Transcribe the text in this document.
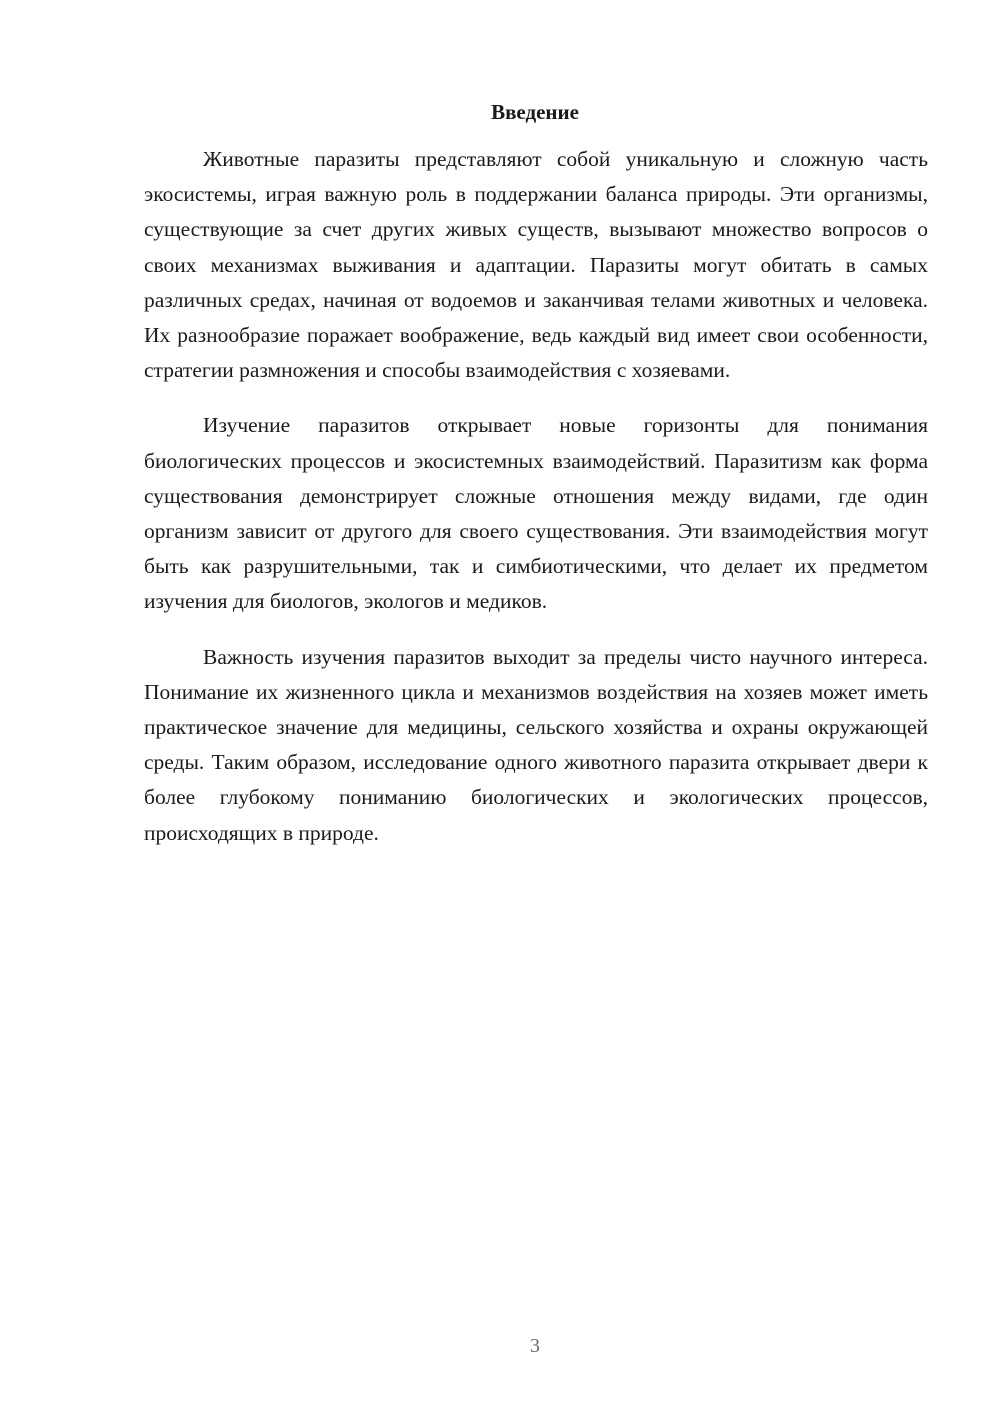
Введение

Животные паразиты представляют собой уникальную и сложную часть экосистемы, играя важную роль в поддержании баланса природы. Эти организмы, существующие за счет других живых существ, вызывают множество вопросов о своих механизмах выживания и адаптации. Паразиты могут обитать в самых различных средах, начиная от водоемов и заканчивая телами животных и человека. Их разнообразие поражает воображение, ведь каждый вид имеет свои особенности, стратегии размножения и способы взаимодействия с хозяевами.

Изучение паразитов открывает новые горизонты для понимания биологических процессов и экосистемных взаимодействий. Паразитизм как форма существования демонстрирует сложные отношения между видами, где один организм зависит от другого для своего существования. Эти взаимодействия могут быть как разрушительными, так и симбиотическими, что делает их предметом изучения для биологов, экологов и медиков.

Важность изучения паразитов выходит за пределы чисто научного интереса. Понимание их жизненного цикла и механизмов воздействия на хозяев может иметь практическое значение для медицины, сельского хозяйства и охраны окружающей среды. Таким образом, исследование одного животного паразита открывает двери к более глубокому пониманию биологических и экологических процессов, происходящих в природе.

3
